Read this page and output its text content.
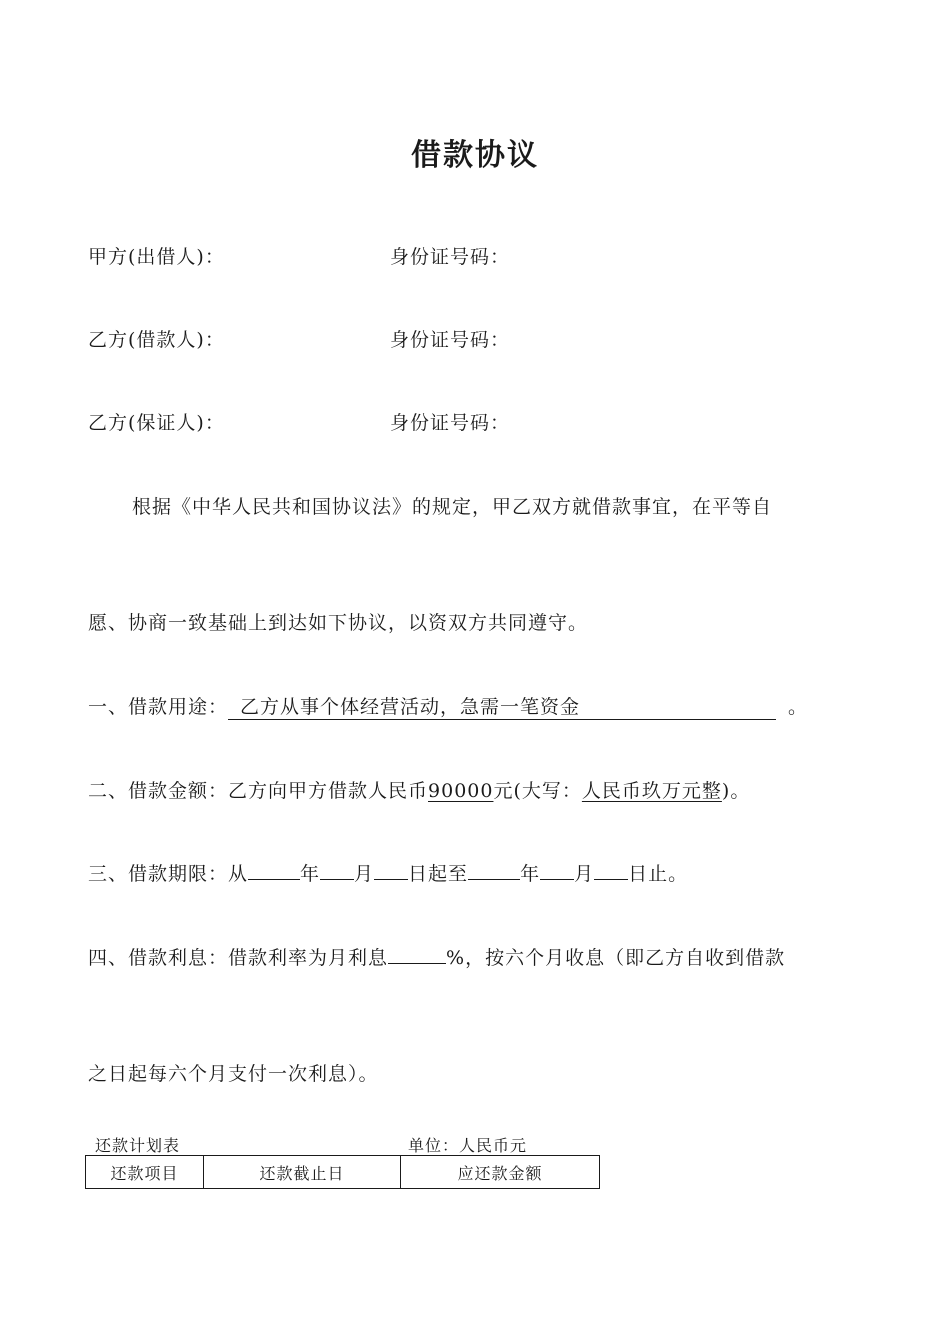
借款协议
甲方(出借人)：	身份证号码：
乙方(借款人)：	身份证号码：
乙方(保证人)：	身份证号码：
根据《中华人民共和国协议法》的规定，甲乙双方就借款事宜，在平等自
愿、协商一致基础上到达如下协议，以资双方共同遵守。
一、借款用途： 乙方从事个体经营活动，急需一笔资金	。
二、借款金额：乙方向甲方借款人民币90000元(大写：人民币玖万元整)。
三、借款期限：从	年 月 日起至	年 月 日止。
四、借款利息：借款利率为月利息	%，按六个月收息（即乙方自收到借款
之日起每六个月支付一次利息）。
还款计划表	单位：人民币元
还款项目	还款截止日	应还款金额
